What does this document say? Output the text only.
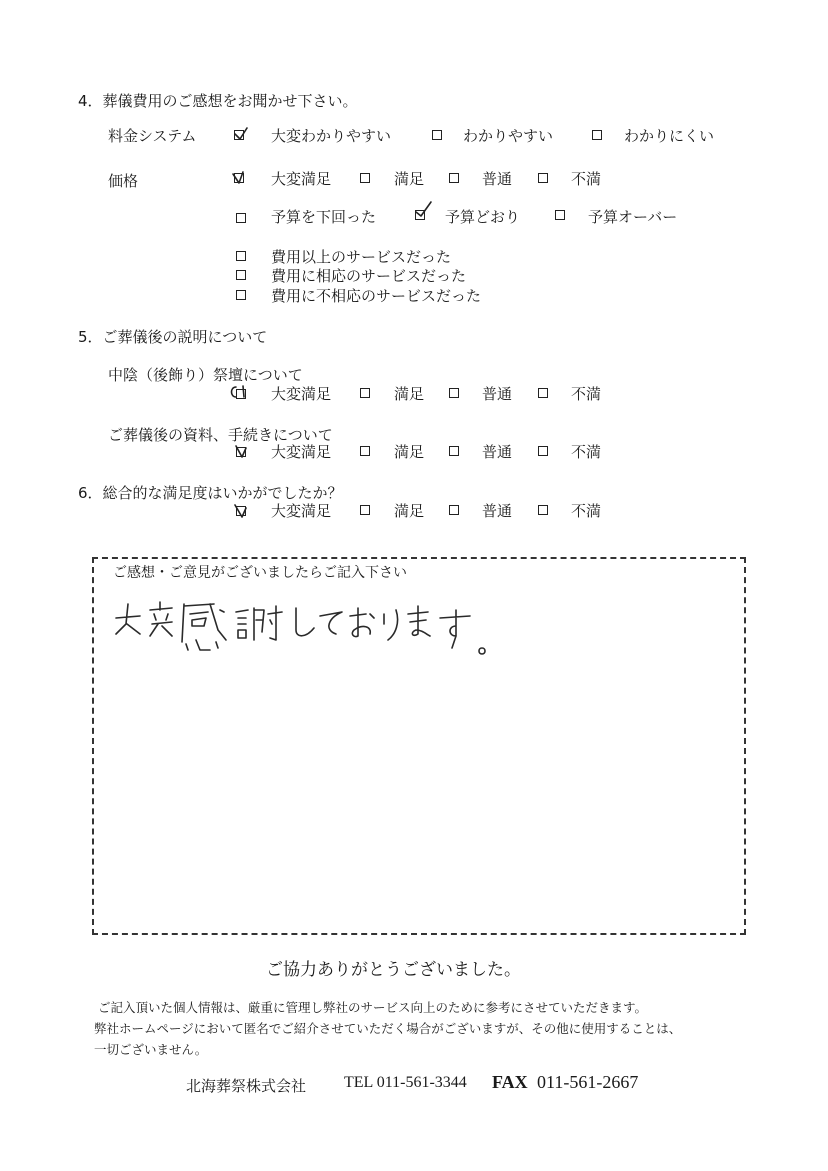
4．葬儀費用のご感想をお聞かせ下さい。
料金システム	大変わかりやすい	わかりやすい	わかりにくい
価格	大変満足	満足	普通	不満
予算を下回った	予算どおり	予算オーバー
費用以上のサービスだった
費用に相応のサービスだった
費用に不相応のサービスだった
5．ご葬儀後の説明について
中陰（後飾り）祭壇について
大変満足	満足	普通	不満
ご葬儀後の資料、手続きについて
大変満足	満足	普通	不満
6．総合的な満足度はいかがでしたか？
大変満足	満足	普通	不満
ご感想・ご意見がございましたらご記入下さい
ご協力ありがとうございました。
ご記入頂いた個人情報は、厳重に管理し弊社のサービス向上のために参考にさせていただきます。
弊社ホームページにおいて匿名でご紹介させていただく場合がございますが、その他に使用することは、
一切ございません。
北海葬祭株式会社 TEL 011-561-3344 FAX 011-561-2667
